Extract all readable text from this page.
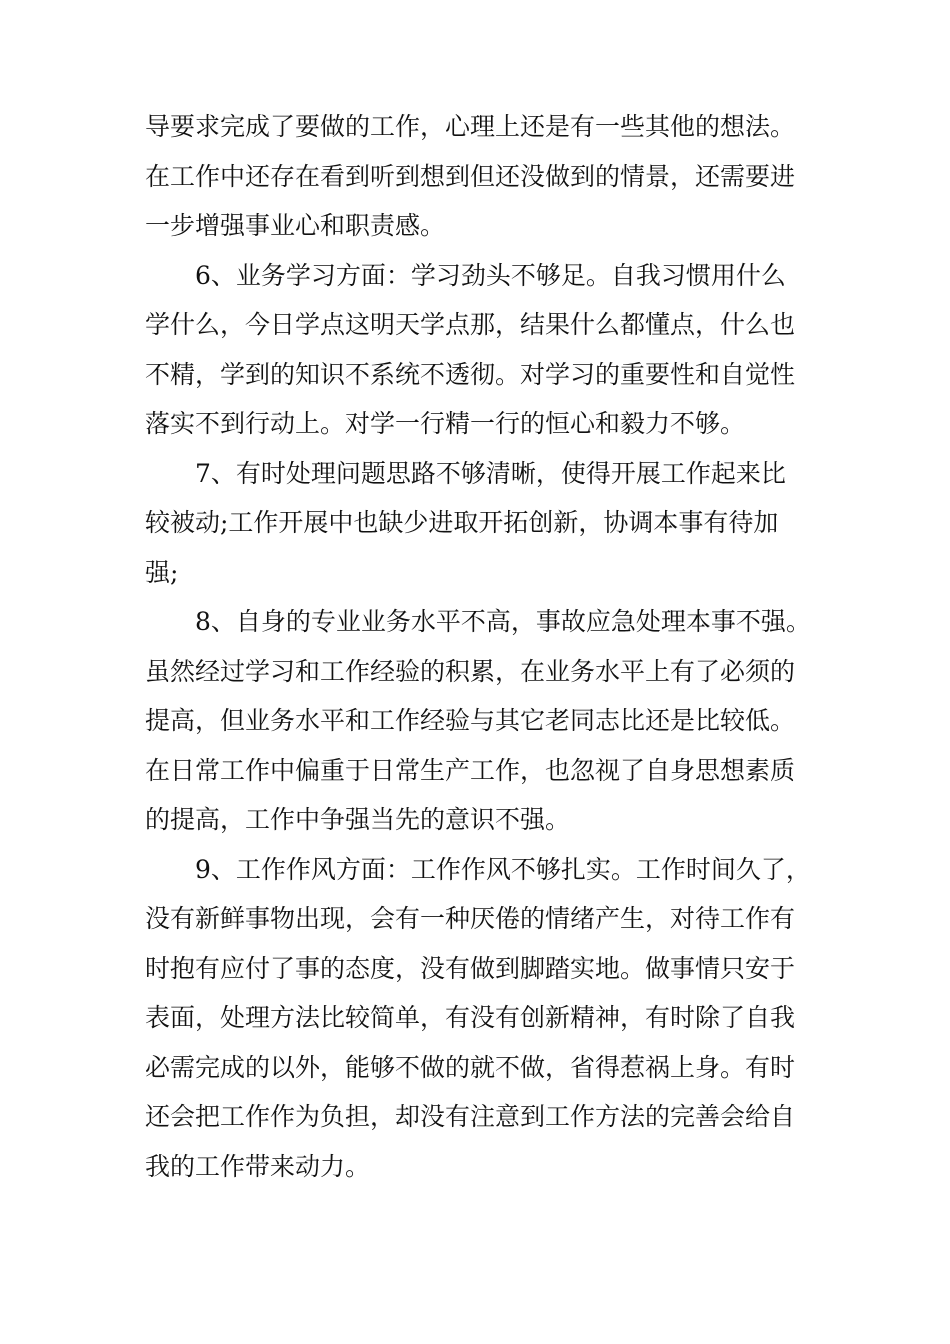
导要求完成了要做的工作，心理上还是有一些其他的想法。
在工作中还存在看到听到想到但还没做到的情景，还需要进
一步增强事业心和职责感。
6、业务学习方面：学习劲头不够足。自我习惯用什么
学什么，今日学点这明天学点那，结果什么都懂点，什么也
不精，学到的知识不系统不透彻。对学习的重要性和自觉性
落实不到行动上。对学一行精一行的恒心和毅力不够。
7、有时处理问题思路不够清晰，使得开展工作起来比
较被动;工作开展中也缺少进取开拓创新，协调本事有待加
强;
8、自身的专业业务水平不高，事故应急处理本事不强。
虽然经过学习和工作经验的积累，在业务水平上有了必须的
提高，但业务水平和工作经验与其它老同志比还是比较低。
在日常工作中偏重于日常生产工作，也忽视了自身思想素质
的提高，工作中争强当先的意识不强。
9、工作作风方面：工作作风不够扎实。工作时间久了，
没有新鲜事物出现，会有一种厌倦的情绪产生，对待工作有
时抱有应付了事的态度，没有做到脚踏实地。做事情只安于
表面，处理方法比较简单，有没有创新精神，有时除了自我
必需完成的以外，能够不做的就不做，省得惹祸上身。有时
还会把工作作为负担，却没有注意到工作方法的完善会给自
我的工作带来动力。
